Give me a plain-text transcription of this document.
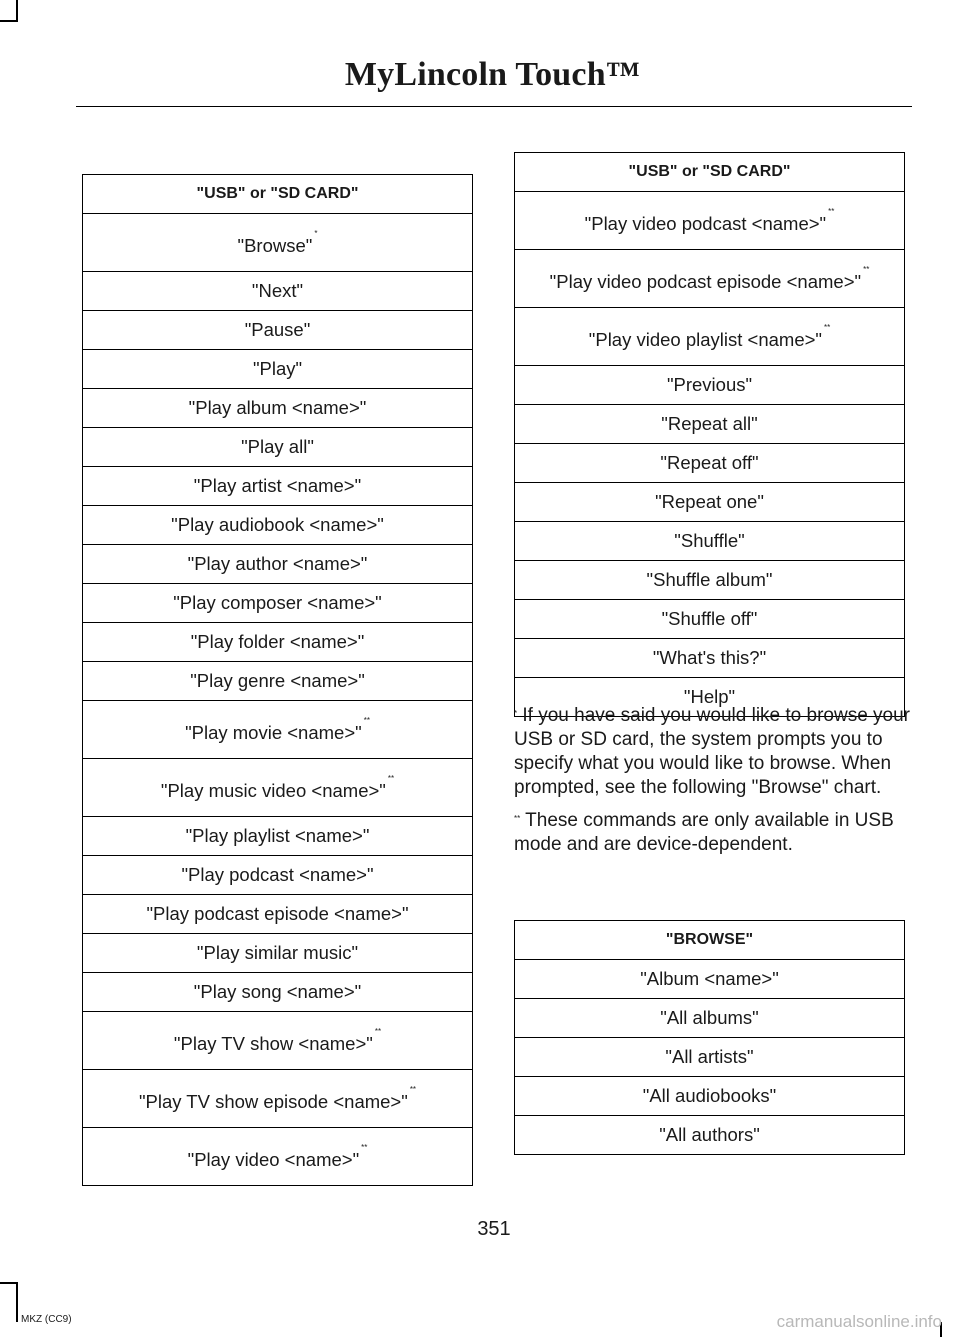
MyLincoln Touch™
"USB" or "SD CARD"
"Browse"*
"Next"
"Pause"
"Play"
"Play album <name>"
"Play all"
"Play artist <name>"
"Play audiobook <name>"
"Play author <name>"
"Play composer <name>"
"Play folder <name>"
"Play genre <name>"
"Play movie <name>"**
"Play music video <name>"**
"Play playlist <name>"
"Play podcast <name>"
"Play podcast episode <name>"
"Play similar music"
"Play song <name>"
"Play TV show <name>"**
"Play TV show episode <name>"**
"Play video <name>"**
"USB" or "SD CARD"
"Play video podcast <name>"**
"Play video podcast episode <name>"**
"Play video playlist <name>"**
"Previous"
"Repeat all"
"Repeat off"
"Repeat one"
"Shuffle"
"Shuffle album"
"Shuffle off"
"What's this?"
"Help"

* If you have said you would like to browse your USB or SD card, the system prompts you to specify what you would like to browse. When prompted, see the following "Browse" chart.

** These commands are only available in USB mode and are device-dependent.

"BROWSE"
"Album <name>"
"All albums"
"All artists"
"All audiobooks"
"All authors"
351
MKZ (CC9)	carmanualsonline.info
